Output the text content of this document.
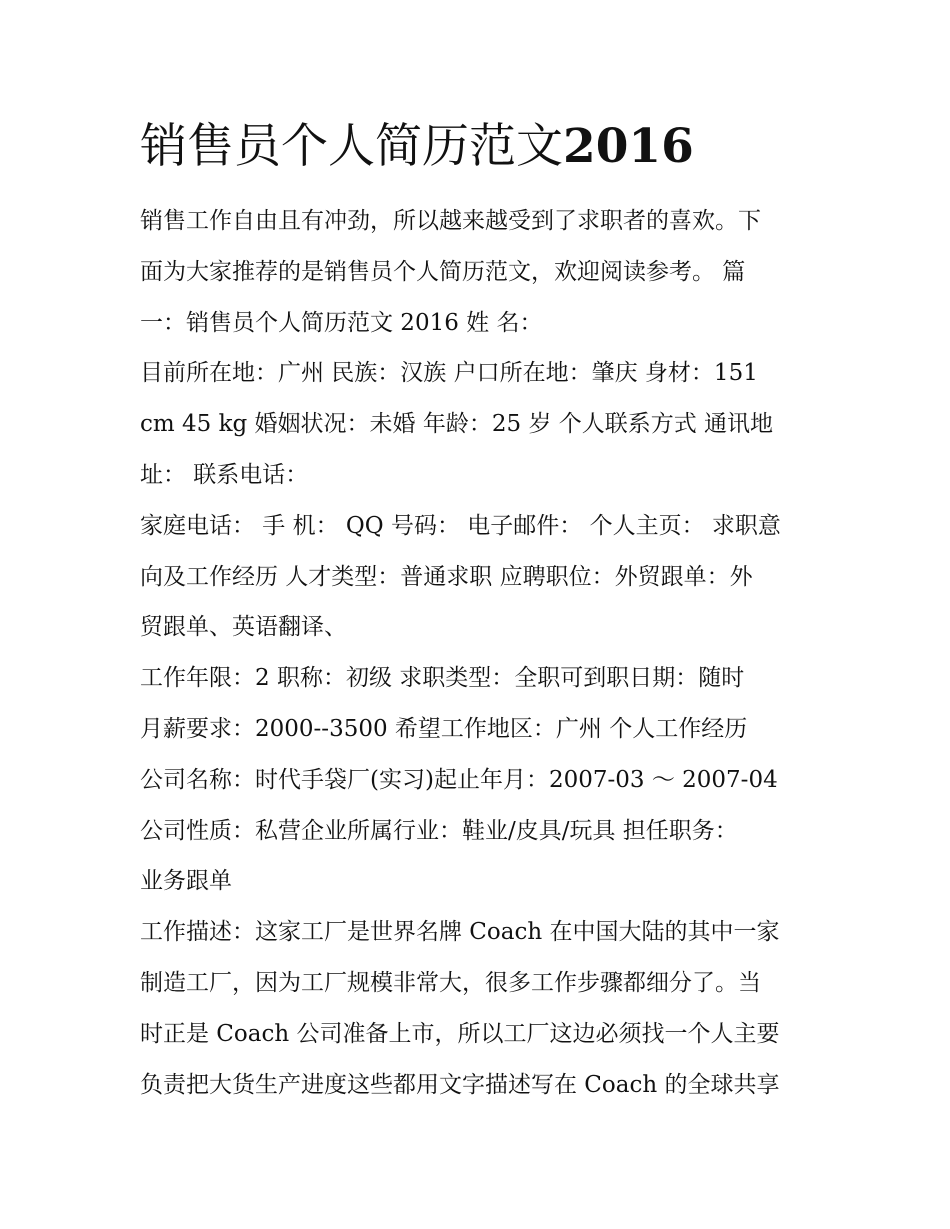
销售员个人简历范文2016
销售工作自由且有冲劲，所以越来越受到了求职者的喜欢。下
面为大家推荐的是销售员个人简历范文，欢迎阅读参考。 篇
一：销售员个人简历范文 2016 姓 名：
目前所在地：广州 民族：汉族 户口所在地：肇庆 身材：151
cm 45 kg 婚姻状况：未婚 年龄：25 岁 个人联系方式 通讯地
址： 联系电话：
家庭电话： 手 机： QQ 号码： 电子邮件： 个人主页： 求职意
向及工作经历 人才类型：普通求职 应聘职位：外贸跟单：外
贸跟单、英语翻译、
工作年限：2 职称：初级 求职类型：全职可到职日期：随时
月薪要求：2000--3500 希望工作地区：广州 个人工作经历
公司名称：时代手袋厂(实习)起止年月：2007-03 ～ 2007-04
公司性质：私营企业所属行业：鞋业/皮具/玩具 担任职务：
业务跟单
工作描述：这家工厂是世界名牌 Coach 在中国大陆的其中一家
制造工厂，因为工厂规模非常大，很多工作步骤都细分了。当
时正是 Coach 公司准备上市，所以工厂这边必须找一个人主要
负责把大货生产进度这些都用文字描述写在 Coach 的全球共享
